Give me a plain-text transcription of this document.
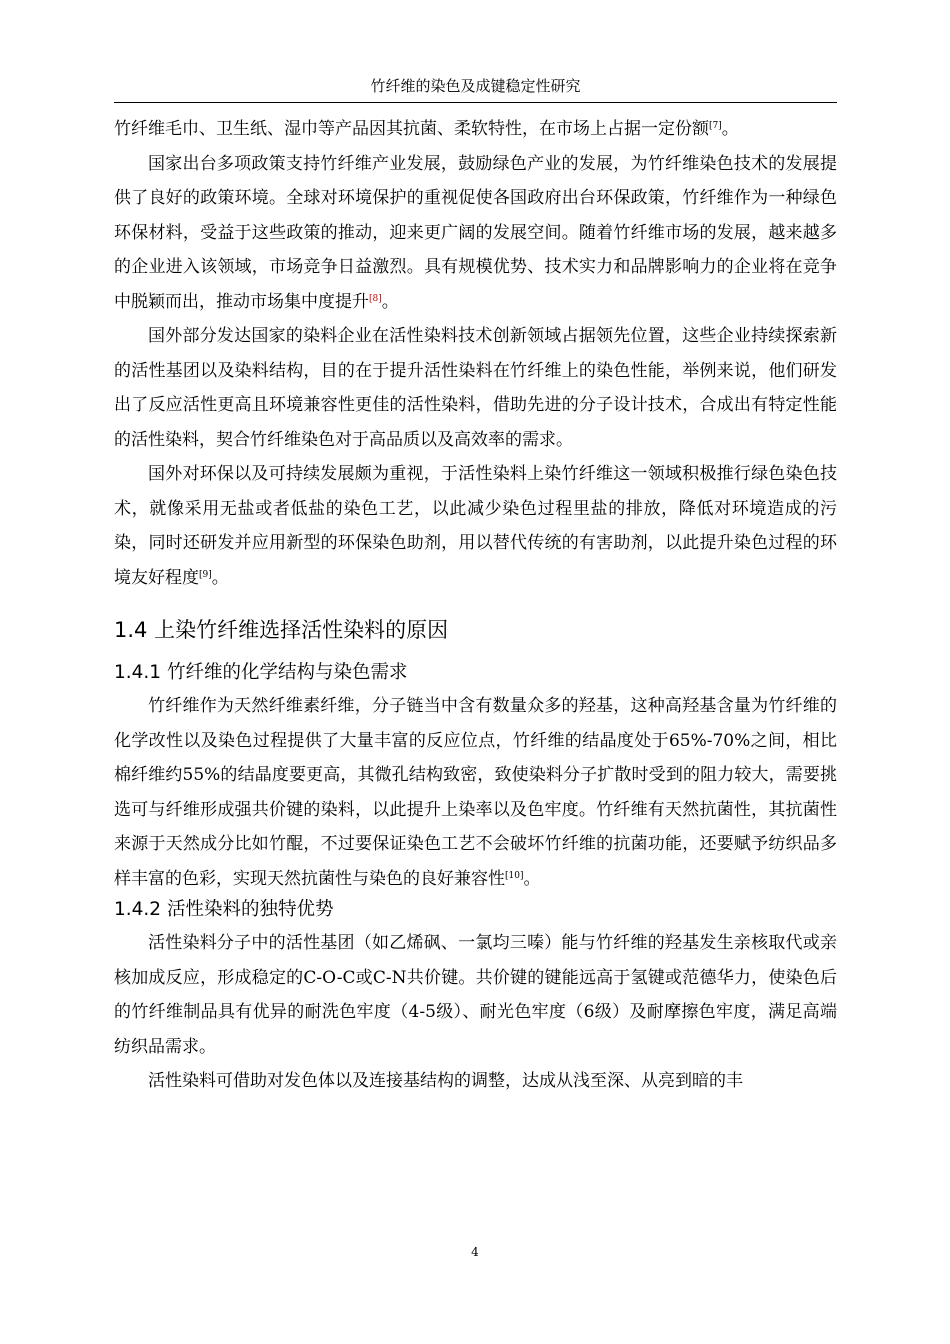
竹纤维的染色及成键稳定性研究

竹纤维毛巾、卫生纸、湿巾等产品因其抗菌、柔软特性，在市场上占据一定份额[7]。

国家出台多项政策支持竹纤维产业发展，鼓励绿色产业的发展，为竹纤维染色技术的发展提供了良好的政策环境。全球对环境保护的重视促使各国政府出台环保政策，竹纤维作为一种绿色环保材料，受益于这些政策的推动，迎来更广阔的发展空间。随着竹纤维市场的发展，越来越多的企业进入该领域，市场竞争日益激烈。具有规模优势、技术实力和品牌影响力的企业将在竞争中脱颖而出，推动市场集中度提升[8]。

国外部分发达国家的染料企业在活性染料技术创新领域占据领先位置，这些企业持续探索新的活性基团以及染料结构，目的在于提升活性染料在竹纤维上的染色性能，举例来说，他们研发出了反应活性更高且环境兼容性更佳的活性染料，借助先进的分子设计技术，合成出有特定性能的活性染料，契合竹纤维染色对于高品质以及高效率的需求。

国外对环保以及可持续发展颇为重视，于活性染料上染竹纤维这一领域积极推行绿色染色技术，就像采用无盐或者低盐的染色工艺，以此减少染色过程里盐的排放，降低对环境造成的污染，同时还研发并应用新型的环保染色助剂，用以替代传统的有害助剂，以此提升染色过程的环境友好程度[9]。

1.4 上染竹纤维选择活性染料的原因
1.4.1 竹纤维的化学结构与染色需求

竹纤维作为天然纤维素纤维，分子链当中含有数量众多的羟基，这种高羟基含量为竹纤维的化学改性以及染色过程提供了大量丰富的反应位点，竹纤维的结晶度处于65%-70%之间，相比棉纤维约55%的结晶度要更高，其微孔结构致密，致使染料分子扩散时受到的阻力较大，需要挑选可与纤维形成强共价键的染料，以此提升上染率以及色牢度。竹纤维有天然抗菌性，其抗菌性来源于天然成分比如竹醌，不过要保证染色工艺不会破坏竹纤维的抗菌功能，还要赋予纺织品多样丰富的色彩，实现天然抗菌性与染色的良好兼容性[10]。

1.4.2 活性染料的独特优势

活性染料分子中的活性基团（如乙烯砜、一氯均三嗪）能与竹纤维的羟基发生亲核取代或亲核加成反应，形成稳定的C-O-C或C-N共价键。共价键的键能远高于氢键或范德华力，使染色后的竹纤维制品具有优异的耐洗色牢度（4-5级）、耐光色牢度（6级）及耐摩擦色牢度，满足高端纺织品需求。

活性染料可借助对发色体以及连接基结构的调整，达成从浅至深、从亮到暗的丰

4
